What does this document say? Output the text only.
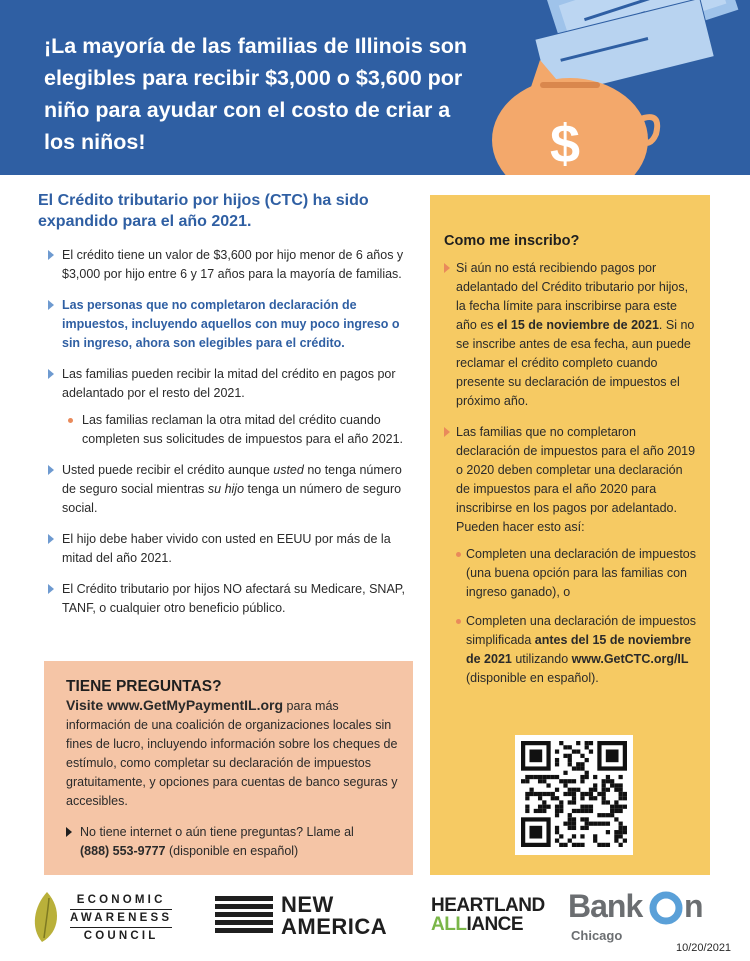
¡La mayoría de las familias de Illinois son elegibles para recibir $3,000 o $3,600 por niño para ayudar con el costo de criar a los niños!	$
El Crédito tributario por hijos (CTC) ha sido expandido para el año 2021.
El crédito tiene un valor de $3,600 por hijo menor de 6 años y $3,000 por hijo entre 6 y 17 años para la mayoría de familias.
Las personas que no completaron declaración de impuestos, incluyendo aquellos con muy poco ingreso o sin ingreso, ahora son elegibles para el crédito.
Las familias pueden recibir la mitad del crédito en pagos por adelantado por el resto del 2021.
Las familias reclaman la otra mitad del crédito cuando completen sus solicitudes de impuestos para el año 2021.
Usted puede recibir el crédito aunque usted no tenga número de seguro social mientras su hijo tenga un número de seguro social.
El hijo debe haber vivido con usted en EEUU por más de la mitad del año 2021.
El Crédito tributario por hijos NO afectará su Medicare, SNAP, TANF, o cualquier otro beneficio público.
TIENE PREGUNTAS?

Visite www.GetMyPaymentIL.org para más información de una coalición de organizaciones locales sin fines de lucro, incluyendo información sobre los cheques de estímulo, como completar su declaración de impuestos gratuitamente, y opciones para cuentas de banco seguras y accesibles.

No tiene internet o aún tiene preguntas? Llame al
(888) 553-9777 (disponible en español)

Como me inscribo?
Si aún no está recibiendo pagos por adelantado del Crédito tributario por hijos, la fecha límite para inscribirse para este año es el 15 de noviembre de 2021. Si no se inscribe antes de esa fecha, aun puede reclamar el crédito completo cuando presente su declaración de impuestos el próximo año.
Las familias que no completaron declaración de impuestos para el año 2019 o 2020 deben completar una declaración de impuestos para el año 2020 para inscribirse en los pagos por adelantado. Pueden hacer esto así:
Completen una declaración de impuestos (una buena opción para las familias con ingreso ganado), o
Completen una declaración de impuestos simplificada antes del 15 de noviembre de 2021 utilizando www.GetCTC.org/IL (disponible en español).
ECONOMIC
AWARENESS
COUNCIL
NEW
AMERICA
HEARTLAND
ALLIANCE
Bank n
Chicago
10/20/2021
